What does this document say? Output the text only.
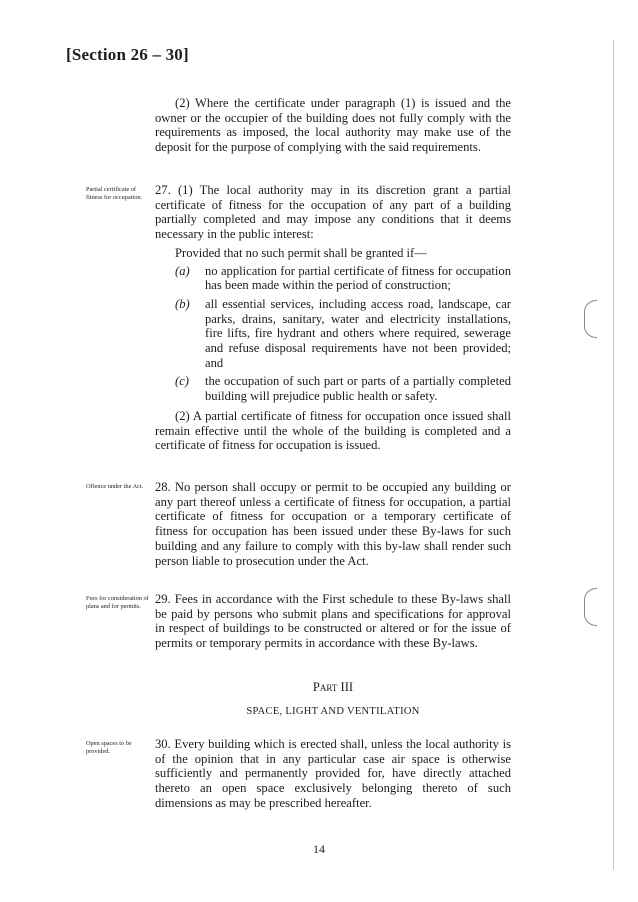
[Section 26 – 30]

(2) Where the certificate under paragraph (1) is issued and the owner or the occupier of the building does not fully comply with the requirements as imposed, the local authority may make use of the deposit for the purpose of complying with the said requirements.

Partial certificate of fitness for occupation.	27. (1) The local authority may in its discretion grant a partial certificate of fitness for the occupation of any part of a building partially completed and may impose any conditions that it deems necessary in the public interest:

Provided that no such permit shall be granted if—

(a) no application for partial certificate of fitness for occupation has been made within the period of construction;

(b) all essential services, including access road, landscape, car parks, drains, sanitary, water and electricity installations, fire lifts, fire hydrant and others where required, sewerage and refuse disposal requirements have not been provided; and

(c) the occupation of such part or parts of a partially completed building will prejudice public health or safety.

(2) A partial certificate of fitness for occupation once issued shall remain effective until the whole of the building is completed and a certificate of fitness for occupation is issued.

Offence under the Act. 28. No person shall occupy or permit to be occupied any building or any part thereof unless a certificate of fitness for occupation, a partial certificate of fitness for occupation or a temporary certificate of fitness for occupation has been issued under these By-laws for such building and any failure to comply with this by-law shall render such person liable to prosecution under the Act.

Fees for consideration of plans and for permits.	29. Fees in accordance with the First schedule to these By-laws shall be paid by persons who submit plans and specifications for approval in respect of buildings to be constructed or altered or for the issue of permits or temporary permits in accordance with these By-laws.

Part III

SPACE, LIGHT AND VENTILATION

Open spaces to be provided.	30. Every building which is erected shall, unless the local authority is of the opinion that in any particular case air space is otherwise sufficiently and permanently provided for, have directly attached thereto an open space exclusively belonging thereto of such dimensions as may be prescribed hereafter.

14
